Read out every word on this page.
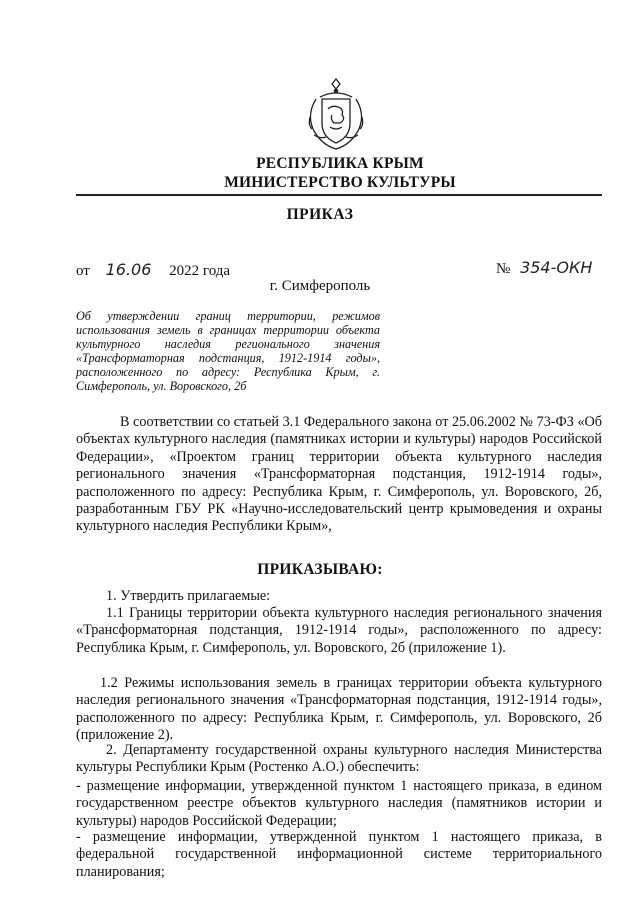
РЕСПУБЛИКА КРЫМ
МИНИСТЕРСТВО КУЛЬТУРЫ
ПРИКАЗ
от 16.06 2022 года	№ 354-ОКН
г. Симферополь
Об утверждении границ территории, режимов использования земель в границах территории объекта культурного наследия регионального значения «Трансформаторная подстанция, 1912-1914 годы», расположенного по адресу: Республика Крым, г. Симферополь, ул. Воровского, 2б

В соответствии со статьей 3.1 Федерального закона от 25.06.2002 № 73-ФЗ «Об объектах культурного наследия (памятниках истории и культуры) народов Российской Федерации», «Проектом границ территории объекта культурного наследия регионального значения «Трансформаторная подстанция, 1912-1914 годы», расположенного по адресу: Республика Крым, г. Симферополь, ул. Воровского, 2б, разработанным ГБУ РК «Научно-исследовательский центр крымоведения и охраны культурного наследия Республики Крым»,

ПРИКАЗЫВАЮ:

1. Утвердить прилагаемые:

1.1 Границы территории объекта культурного наследия регионального значения «Трансформаторная подстанция, 1912-1914 годы», расположенного по адресу: Республика Крым, г. Симферополь, ул. Воровского, 2б (приложение 1).

1.2 Режимы использования земель в границах территории объекта культурного наследия регионального значения «Трансформаторная подстанция, 1912-1914 годы», расположенного по адресу: Республика Крым, г. Симферополь, ул. Воровского, 2б (приложение 2).

2. Департаменту государственной охраны культурного наследия Министерства культуры Республики Крым (Ростенко А.О.) обеспечить:

- размещение информации, утвержденной пунктом 1 настоящего приказа, в едином государственном реестре объектов культурного наследия (памятников истории и культуры) народов Российской Федерации;

- размещение информации, утвержденной пунктом 1 настоящего приказа, в федеральной государственной информационной системе территориального планирования;
